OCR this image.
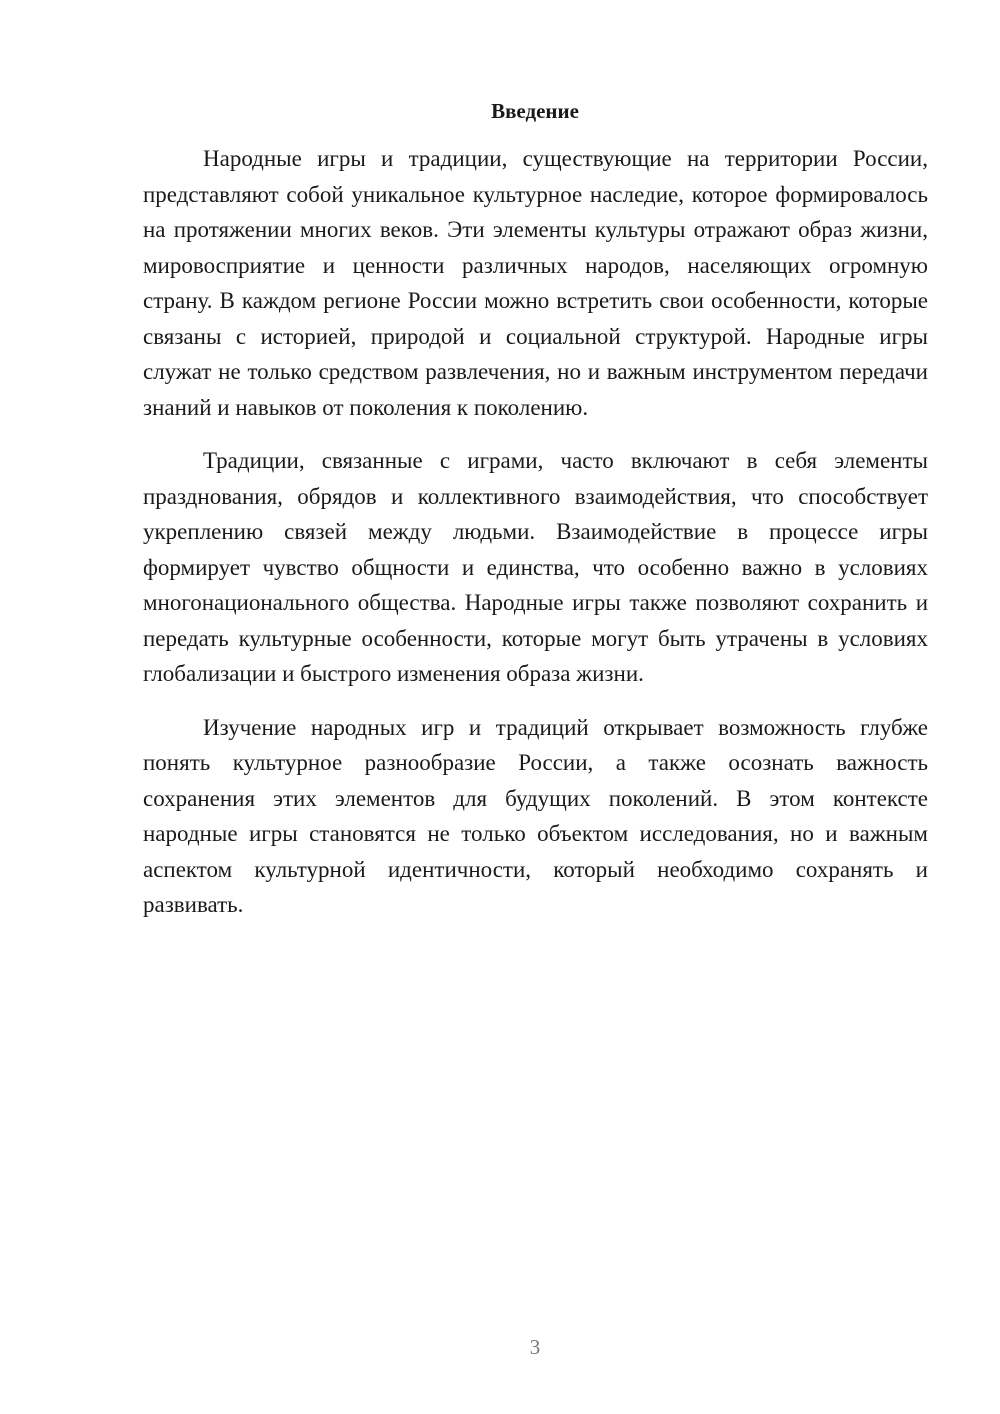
Введение

Народные игры и традиции, существующие на территории России, представляют собой уникальное культурное наследие, которое формировалось на протяжении многих веков. Эти элементы культуры отражают образ жизни, мировосприятие и ценности различных народов, населяющих огромную страну. В каждом регионе России можно встретить свои особенности, которые связаны с историей, природой и социальной структурой. Народные игры служат не только средством развлечения, но и важным инструментом передачи знаний и навыков от поколения к поколению.

Традиции, связанные с играми, часто включают в себя элементы празднования, обрядов и коллективного взаимодействия, что способствует укреплению связей между людьми. Взаимодействие в процессе игры формирует чувство общности и единства, что особенно важно в условиях многонационального общества. Народные игры также позволяют сохранить и передать культурные особенности, которые могут быть утрачены в условиях глобализации и быстрого изменения образа жизни.

Изучение народных игр и традиций открывает возможность глубже понять культурное разнообразие России, а также осознать важность сохранения этих элементов для будущих поколений. В этом контексте народные игры становятся не только объектом исследования, но и важным аспектом культурной идентичности, который необходимо сохранять и развивать.

3
